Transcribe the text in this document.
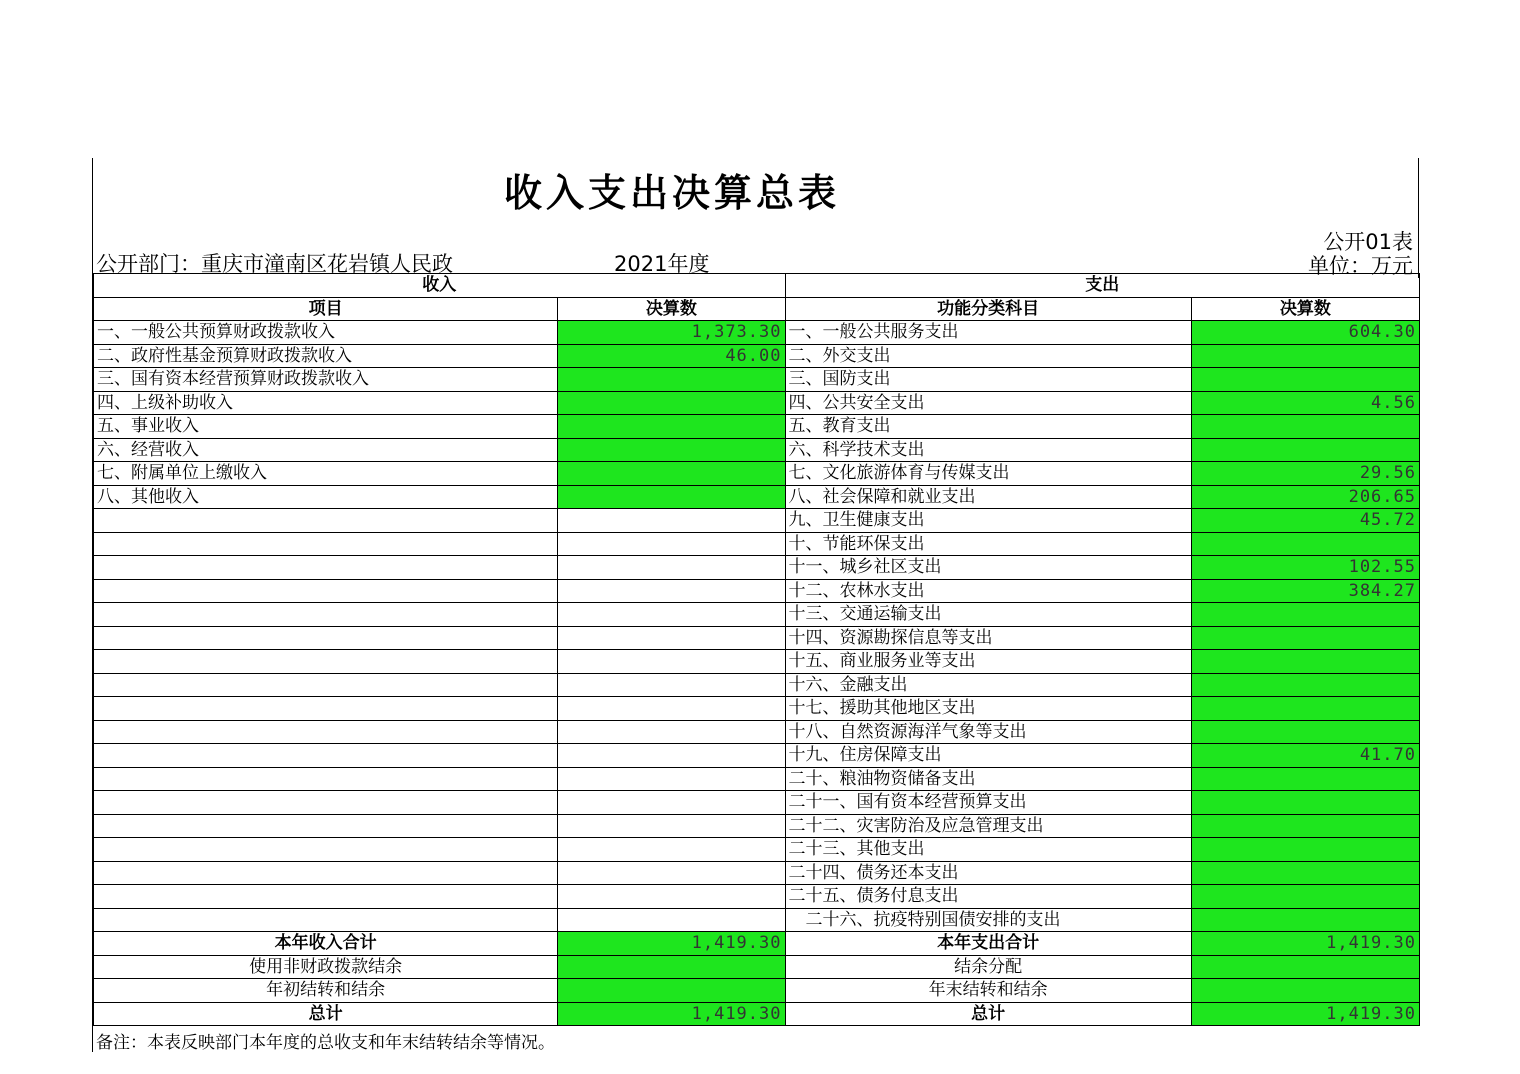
收入支出决算总表
公开部门：重庆市潼南区花岩镇人民政	2021年度
公开01表
单位：万元
收入		支出	
项目	决算数	功能分类科目	决算数
一、一般公共预算财政拨款收入	1,373.30	一、一般公共服务支出	604.30
二、政府性基金预算财政拨款收入	46.00	二、外交支出	
三、国有资本经营预算财政拨款收入		三、国防支出	
四、上级补助收入		四、公共安全支出	4.56
五、事业收入		五、教育支出	
六、经营收入		六、科学技术支出	
七、附属单位上缴收入		七、文化旅游体育与传媒支出	29.56
八、其他收入		八、社会保障和就业支出	206.65
		九、卫生健康支出	45.72
		十、节能环保支出	
		十一、城乡社区支出	102.55
		十二、农林水支出	384.27
		十三、交通运输支出	
		十四、资源勘探信息等支出	
		十五、商业服务业等支出	
		十六、金融支出	
		十七、援助其他地区支出	
		十八、自然资源海洋气象等支出	
		十九、住房保障支出	41.70
		二十、粮油物资储备支出	
		二十一、国有资本经营预算支出	
		二十二、灾害防治及应急管理支出	
		二十三、其他支出	
		二十四、债务还本支出	
		二十五、债务付息支出	
		　二十六、抗疫特别国债安排的支出	
本年收入合计	1,419.30	本年支出合计	1,419.30
使用非财政拨款结余		结余分配	
年初结转和结余		年末结转和结余	
总计	1,419.30	总计	1,419.30
备注：本表反映部门本年度的总收支和年末结转结余等情况。
